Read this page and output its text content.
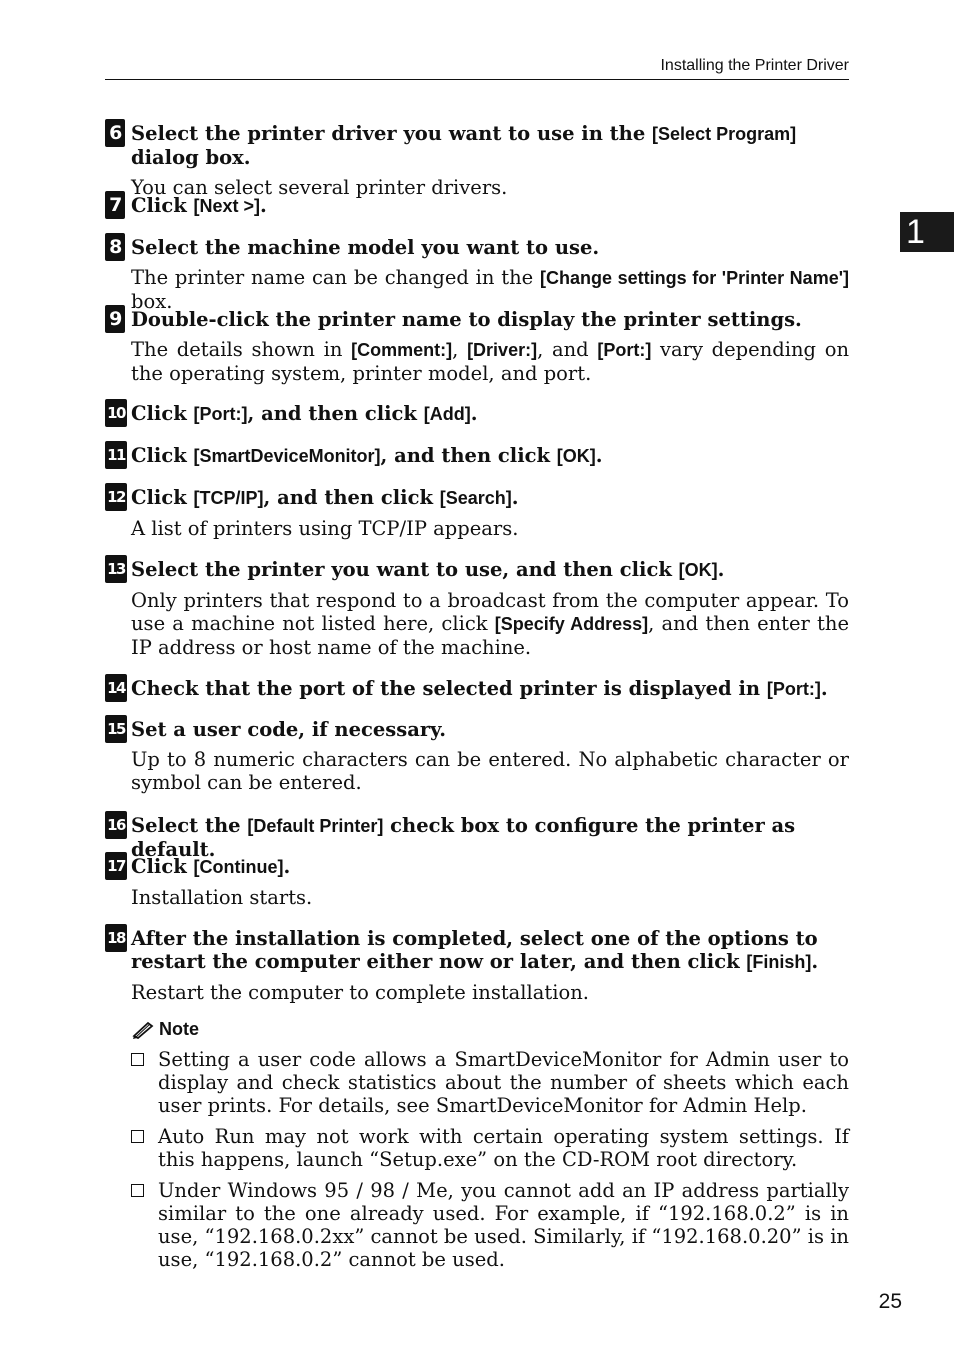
Installing the Printer Driver
1
6 Select the printer driver you want to use in the [Select Program] dialog box.
You can select several printer drivers.
7 Click [Next >].
8 Select the machine model you want to use.
The printer name can be changed in the [Change settings for 'Printer Name'] box.
9 Double-click the printer name to display the printer settings.
The details shown in [Comment:], [Driver:], and [Port:] vary depending on the operating system, printer model, and port.
10 Click [Port:], and then click [Add].
11 Click [SmartDeviceMonitor], and then click [OK].
12 Click [TCP/IP], and then click [Search].
A list of printers using TCP/IP appears.
13 Select the printer you want to use, and then click [OK].
Only printers that respond to a broadcast from the computer appear. To use a machine not listed here, click [Specify Address], and then enter the IP address or host name of the machine.
14 Check that the port of the selected printer is displayed in [Port:].
15 Set a user code, if necessary.
Up to 8 numeric characters can be entered. No alphabetic character or symbol can be entered.
16 Select the [Default Printer] check box to configure the printer as default.
17 Click [Continue].
Installation starts.
18 After the installation is completed, select one of the options to restart the computer either now or later, and then click [Finish].
Restart the computer to complete installation.
Note
Setting a user code allows a SmartDeviceMonitor for Admin user to display and check statistics about the number of sheets which each user prints. For details, see SmartDeviceMonitor for Admin Help.
Auto Run may not work with certain operating system settings. If this happens, launch “Setup.exe” on the CD-ROM root directory.
Under Windows 95 / 98 / Me, you cannot add an IP address partially similar to the one already used. For example, if “192.168.0.2” is in use, “192.168.0.2xx” cannot be used. Similarly, if “192.168.0.20” is in use, “192.168.0.2” cannot be used.
25
